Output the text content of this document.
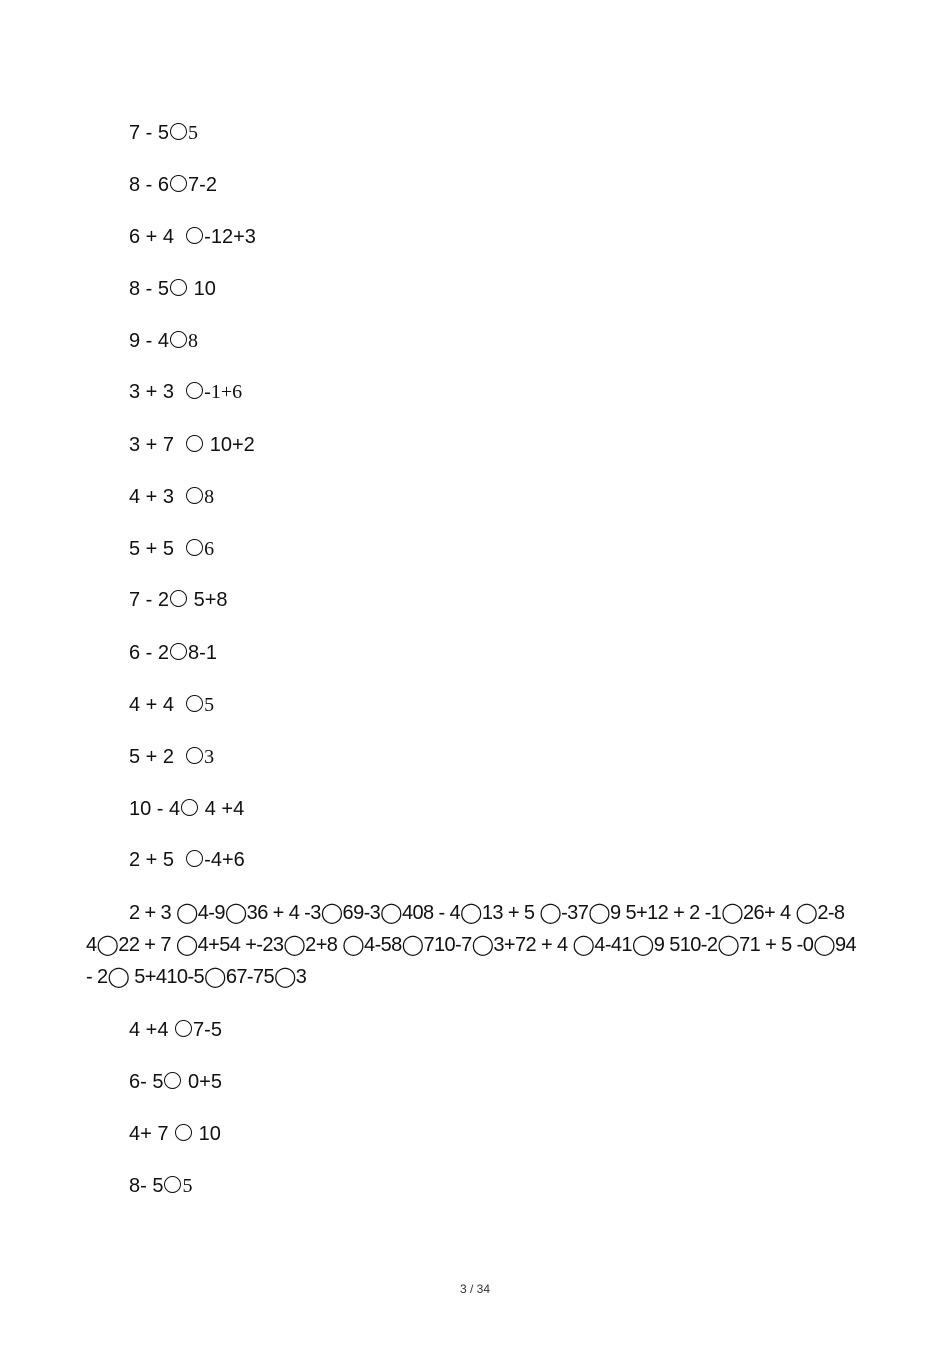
7 - 5 5
8 - 6 7-2
6 + 4 -12+3
8 - 5 10
9 - 4 8
3 + 3 -1+6
3 + 7   10+2
4 + 3 8
5 + 5 6
7 - 2 5+8
6 - 2 8-1
4 + 4 5
5 + 2 3
10 - 4 4 +4
2 + 5 -4+6
2 + 3 ◯4-9◯36 + 4 -3◯69-3◯408 - 4◯13 + 5 ◯-37◯9 5+12 + 2 -1◯26+ 4 ◯2-8
4◯22 + 7 ◯4+54 +-23◯2+8 ◯4-58◯710-7◯3+72 + 4 ◯4-41◯9 510-2◯71 + 5 -0◯94
- 2◯ 5+410-5◯67-75◯3
4 +4 7-5
6- 5 0+5
4+ 7  10
8- 5 5
3 / 34
